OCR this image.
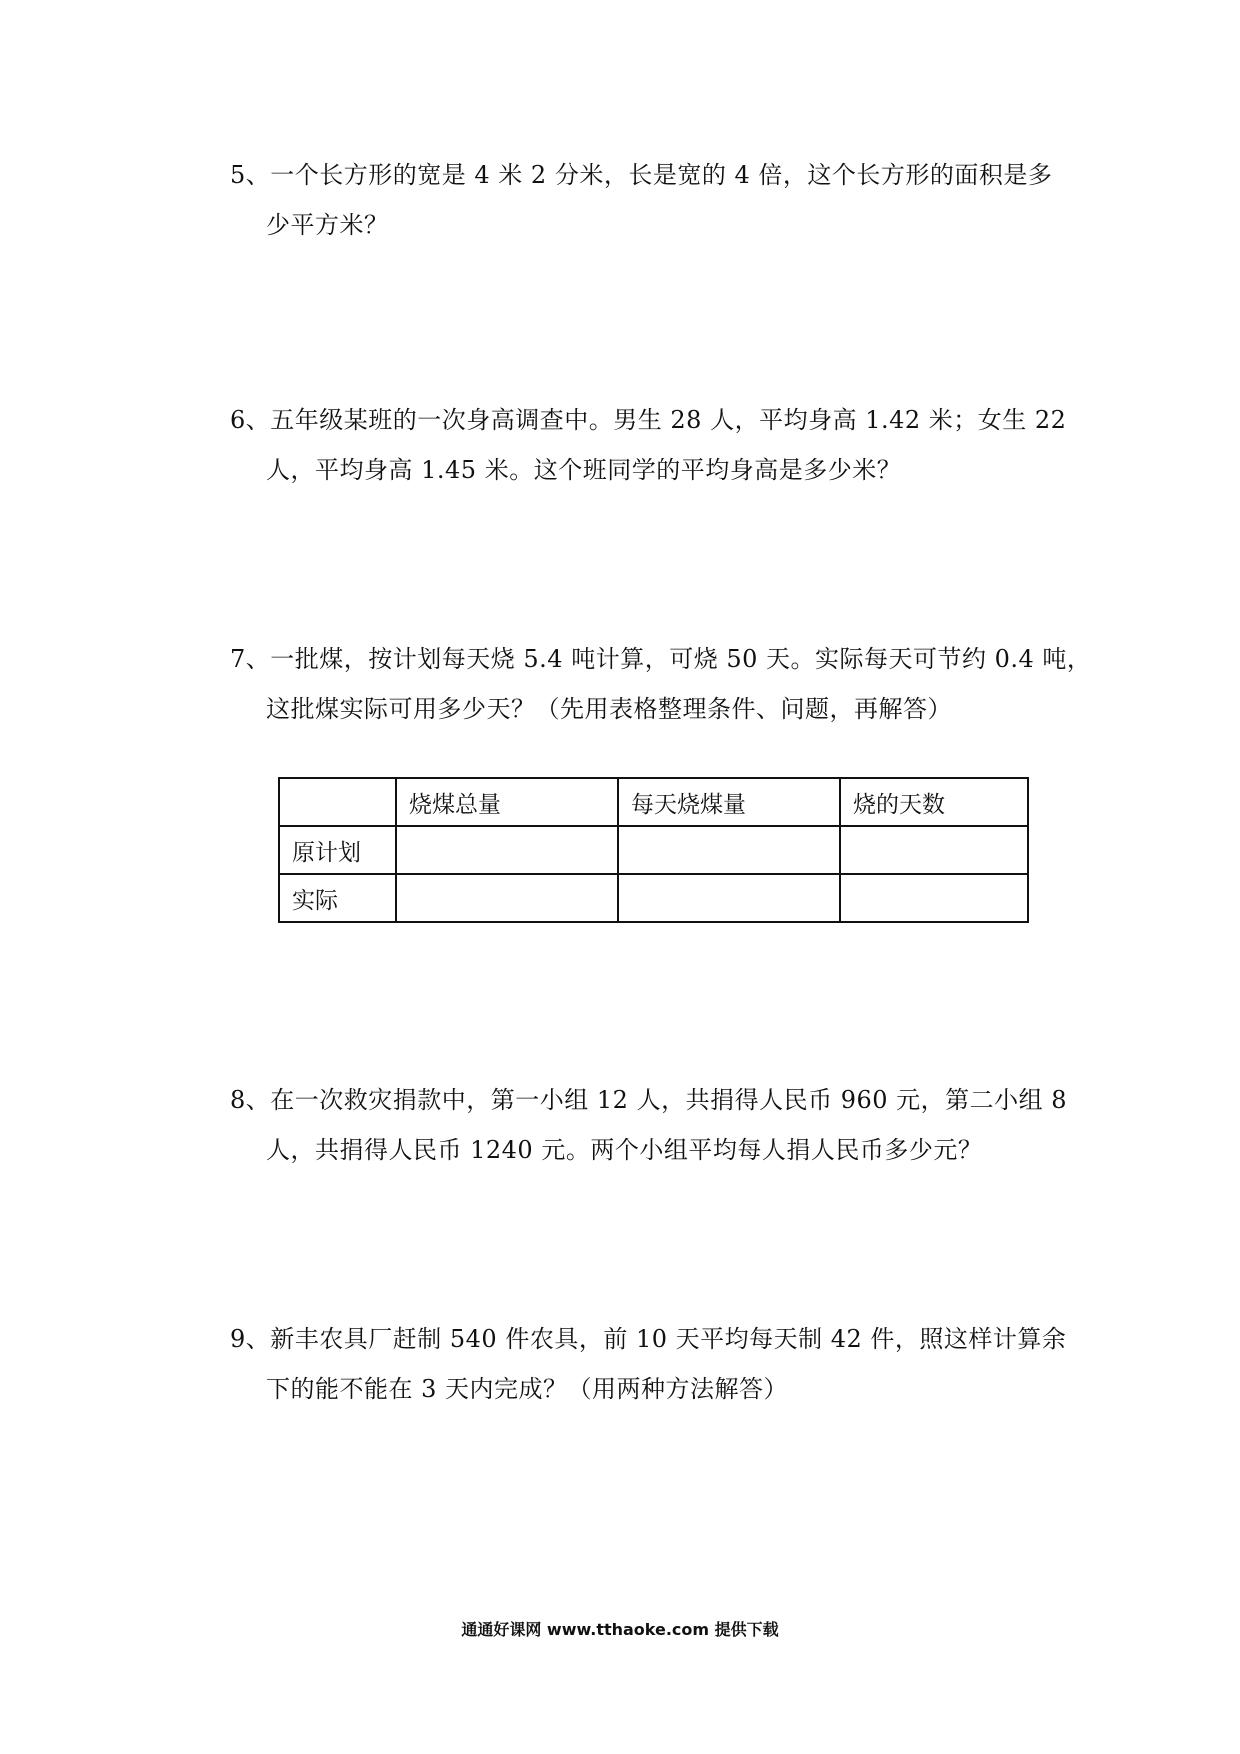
5、一个长方形的宽是 4 米 2 分米，长是宽的 4 倍，这个长方形的面积是多
少平方米？
6、五年级某班的一次身高调查中。男生 28 人，平均身高 1.42 米；女生 22
人，平均身高 1.45 米。这个班同学的平均身高是多少米？
7、一批煤，按计划每天烧 5.4 吨计算，可烧 50 天。实际每天可节约 0.4 吨，
这批煤实际可用多少天？（先用表格整理条件、问题，再解答）
	烧煤总量	每天烧煤量	烧的天数
原计划			
实际			
8、在一次救灾捐款中，第一小组 12 人，共捐得人民币 960 元，第二小组 8
人，共捐得人民币 1240 元。两个小组平均每人捐人民币多少元？
9、新丰农具厂赶制 540 件农具，前 10 天平均每天制 42 件，照这样计算余
下的能不能在 3 天内完成？（用两种方法解答）
通通好课网 www.tthaoke.com 提供下载
